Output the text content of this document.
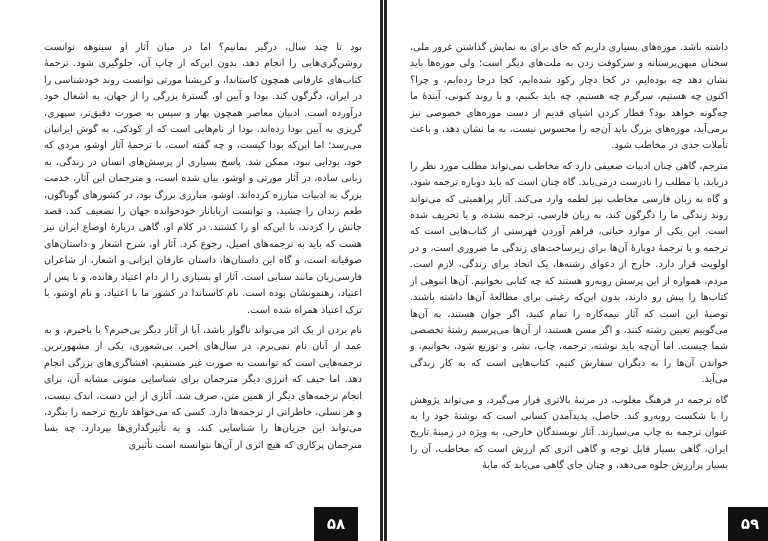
بود تا چند سال، درگیر بمانیم؟ اما در میان آثار او سینوهه توانست روشن‌گری‌هایی را انجام دهد، بدون این‌که از چاپ آن، جلوگیری شود. ترجمۀ کتاب‌های عارفانی همچون کاستاندا، و کریشنا مورتی توانست روند خودشناسی را در ایران، دگرگون کند. بودا و آیین او، گسترۀ بزرگی را از جهان، به اشغال خود درآورده است. ادبیان معاصر همچون بهار و سپس به صورت دقیق‌تر، سپهری، گریزی به آیین بودا زده‌اند. بودا از نام‌هایی است که از کودکی، به گوش ایرانیان می‌رسد؛ اما این‌که بودا کیست، و چه گفته است، با ترجمۀ آثار اوشو، مردی که خود، بودایی نبود، ممکن شد. پاسخ بسیاری از پرسش‌های انسان در زندگی، به زبانی ساده، در آثار مورتی و اوشو، بیان شده است، و مترجمان این آثار، خدمت بزرگ به ادبیات مبارزه کرده‌اند. اوشو، مبارزی بزرگ بود، در کشورهای گوناگون، طعم زندان را چشید، و توانست ارباباناز خودخوانده جهان را تضعیف کند. قصد جانش را کردند، تا این‌که او را کشتند. در کلام او، گاهی دربارۀ اوضاع ایران نیز هست که باید به ترجمه‌های اصیل، رجوع کرد. آثار او، شرح اشعار و داستان‌های صوفیانه است، و گاه این داستان‌ها، داستان عارفان ایرانی و اشعار، از شاعران فارسی‌زبان مانند سنایی است. آثار او بسیاری را از دام اعتیاد رهانده، و با پس از اعتیاد، رهنمونشان بوده است. نام کاستاندا در کشور ما با اعتیاد، و نام اوشو، با ترک اعتیاد همراه شده است.

نام بردن از یک اثر می‌تواند ناگوار باشد، آیا از آثار دیگر بی‌خبرم؟ یا باخبرم، و به عمد از آنان نام نمی‌برم. در سال‌های اخیر، بی‌شعوری، یکی از مشهورترین ترجمه‌هایی است که توانست به صورت غیر مستقیم، افشاگری‌های بزرگی انجام دهد. اما حیف که انرژی دیگر مترجمان برای شناسایی متونی مشابه آن، برای انجام ترجمه‌های دیگر از همین متن، صرف شد. آثاری از این دست، اندک نیست، و هر نسلی، خاطراتی از ترجمه‌ها دارد. کسی که می‌خواهد تاریخ ترجمه را بنگرد، می‌تواند این جریان‌ها را شناسایی کند، و به تأثیرگذاری‌ها بپردازد. چه بسا مترجمان پرکاری که هیچ اثری از آن‌ها نتوانسته است تأثیری

۵۸

داشته باشد. موزه‌های بسیاری داریم که جای برای به نمایش گذاشتن غرور ملی، سخنان میهن‌پرستانه و سرکوفت زدن به ملت‌های دیگر است؛ ولی موزه‌ها باید نشان دهد چه بوده‌ایم، در کجا دچار رکود شده‌ایم، کجا درجا زده‌ایم، و چرا؟ اکنون چه هستیم، سرگرم چه هستیم، چه باید بکنیم، و با روند کنونی، آیندۀ ما چه‌گونه خواهد بود؟ قطار کردن اشیای قدیم از دست موزه‌های خصوصی نیز برمی‌آید، موزه‌های بزرگ باید آن‌جه را محسوس نیست، به ما نشان دهد، و باعث تأملات جدی در مخاطب شود.

مترجم، گاهی چنان ادبیات ضعیفی دارد که مخاطب نمی‌تواند مطلب مورد نظر را دریابد، یا مطلب را نادرست درمی‌یابد. گاه چنان است که باید دوباره ترجمه شود، و گاه به زبان فارسی مخاطب نیز لطمه وارد می‌کند. آثار پراهمیتی که می‌تواند روند زندگی ما را دگرگون کند، به زبان فارسی، ترجمه نشده، و یا تحریف شده است. این یکی از موارد حیاتی، فراهم آوردن فهرستی از کتاب‌هایی است که ترجمه و یا ترجمۀ دوبارۀ آن‌ها برای زیرساخت‌های زندگی ما ضروری است، و در اولویت قرار دارد. خارج از دعوای رشته‌ها، یک اتحاد برای زندگی، لازم است. مردم، همواره از این پرسش روبه‌رو هستند که چه کتابی بخوانیم. آن‌ها انبوهی از کتاب‌ها را پیش رو دارند، بدون این‌که رغبتی برای مطالعۀ آن‌ها داشته باشند. توصیۀ این است که آثار نیمه‌کاره را تمام کنید، اگر جوان هستند، به آن‌ها می‌گوییم تعیین رشته کنند، و اگر مسن هستند، از آن‌ها می‌پرسیم رشتۀ تخصصی شما چیست. اما آن‌چه باید نوشته، ترجمه، چاپ، نشر، و توزیع شود، بخوانیم، و خواندن آن‌ها را به دیگران سفارش کنیم، کتاب‌هایی است که به کار زندگی می‌آید.

گاه ترجمه در فرهنگ مغلوب، در مرتبۀ بالاتری قرار می‌گیرد، و می‌تواند پژوهش را با شکست روبه‌رو کند. حاصل، پدیدآمدن کسانی است که نوشتۀ خود را به عنوان ترجمه به چاپ می‌سپارند. آثار نویسندگان خارجی، به ویژه در زمینۀ تاریخ ایران، گاهی بسیار قابل توجه و گاهی اثری کم ارزش است که مخاطب، آن را بسیار پرارزش جلوه می‌دهد، و چنان جای گاهی می‌یابد که مایۀ

۵۹
